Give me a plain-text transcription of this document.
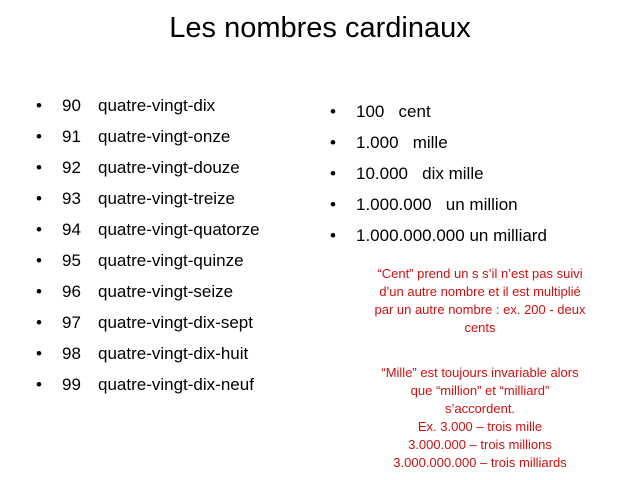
Les nombres cardinaux
• 90 quatre-vingt-dix
• 91 quatre-vingt-onze
• 92 quatre-vingt-douze
• 93 quatre-vingt-treize
• 94 quatre-vingt-quatorze
• 95 quatre-vingt-quinze
• 96 quatre-vingt-seize
• 97 quatre-vingt-dix-sept
• 98 quatre-vingt-dix-huit
• 99 quatre-vingt-dix-neuf
• 100   cent
• 1.000   mille
• 10.000   dix mille
• 1.000.000   un million
• 1.000.000.000 un milliard
“Cent” prend un s s’il n’est pas suivi
d’un autre nombre et il est multiplié
par un autre nombre : ex. 200 - deux
cents
“Mille” est toujours invariable alors
que “million” et “milliard”
s’accordent.
Ex. 3.000 – trois mille
3.000.000 – trois millions
3.000.000.000 – trois milliards
